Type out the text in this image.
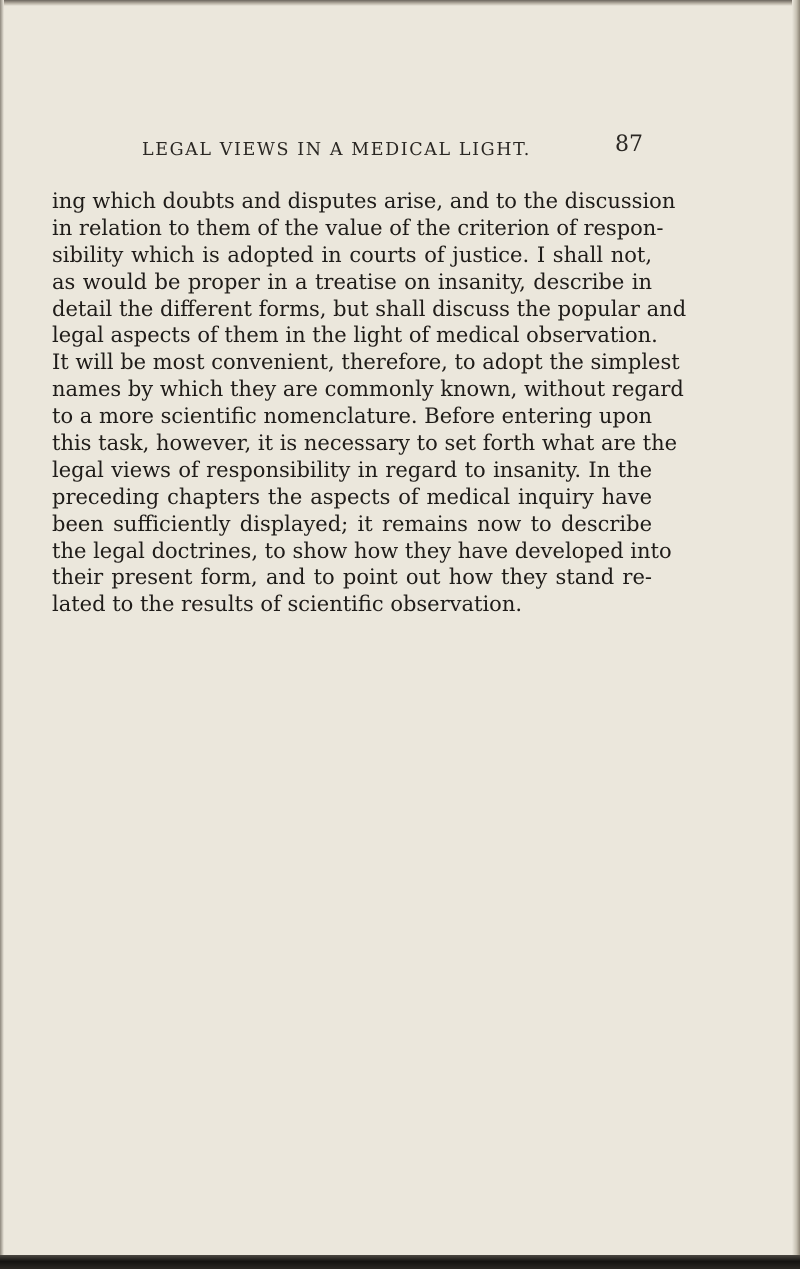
LEGAL VIEWS IN A MEDICAL LIGHT.	87
ing which doubts and disputes arise, and to the discussion
in relation to them of the value of the criterion of respon-
sibility which is adopted in courts of justice. I shall not,
as would be proper in a treatise on insanity, describe in
detail the different forms, but shall discuss the popular and
legal aspects of them in the light of medical observation.
It will be most convenient, therefore, to adopt the simplest
names by which they are commonly known, without regard
to a more scientific nomenclature. Before entering upon
this task, however, it is necessary to set forth what are the
legal views of responsibility in regard to insanity. In the
preceding chapters the aspects of medical inquiry have
been sufficiently displayed; it remains now to describe
the legal doctrines, to show how they have developed into
their present form, and to point out how they stand re-
lated to the results of scientific observation.
